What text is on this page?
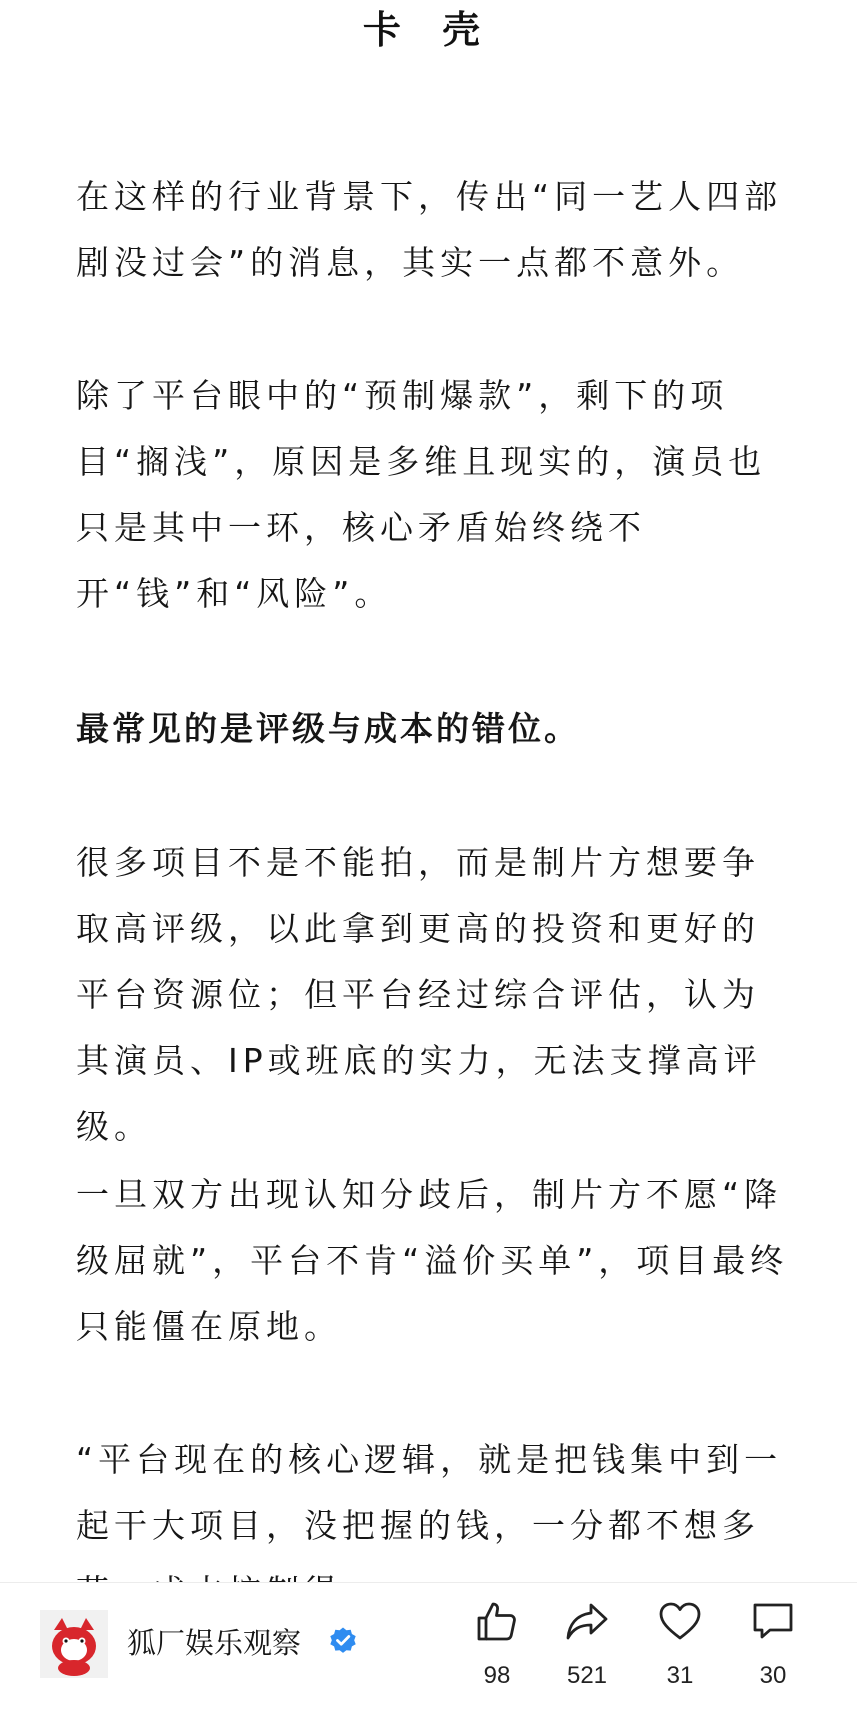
卡 壳

在这样的行业背景下，传出“同一艺人四部剧没过会”的消息，其实一点都不意外。

除了平台眼中的“预制爆款”，剩下的项目“搁浅”，原因是多维且现实的，演员也只是其中一环，核心矛盾始终绕不开“钱”和“风险”。

最常见的是评级与成本的错位。

很多项目不是不能拍，而是制片方想要争取高评级，以此拿到更高的投资和更好的平台资源位；但平台经过综合评估，认为其演员、IP或班底的实力，无法支撑高评级。

一旦双方出现认知分歧后，制片方不愿“降级屈就”，平台不肯“溢价买单”，项目最终只能僵在原地。

“平台现在的核心逻辑，就是把钱集中到一起干大项目，没把握的钱，一分都不想多

狐厂娱乐观察
98	521	31	30
